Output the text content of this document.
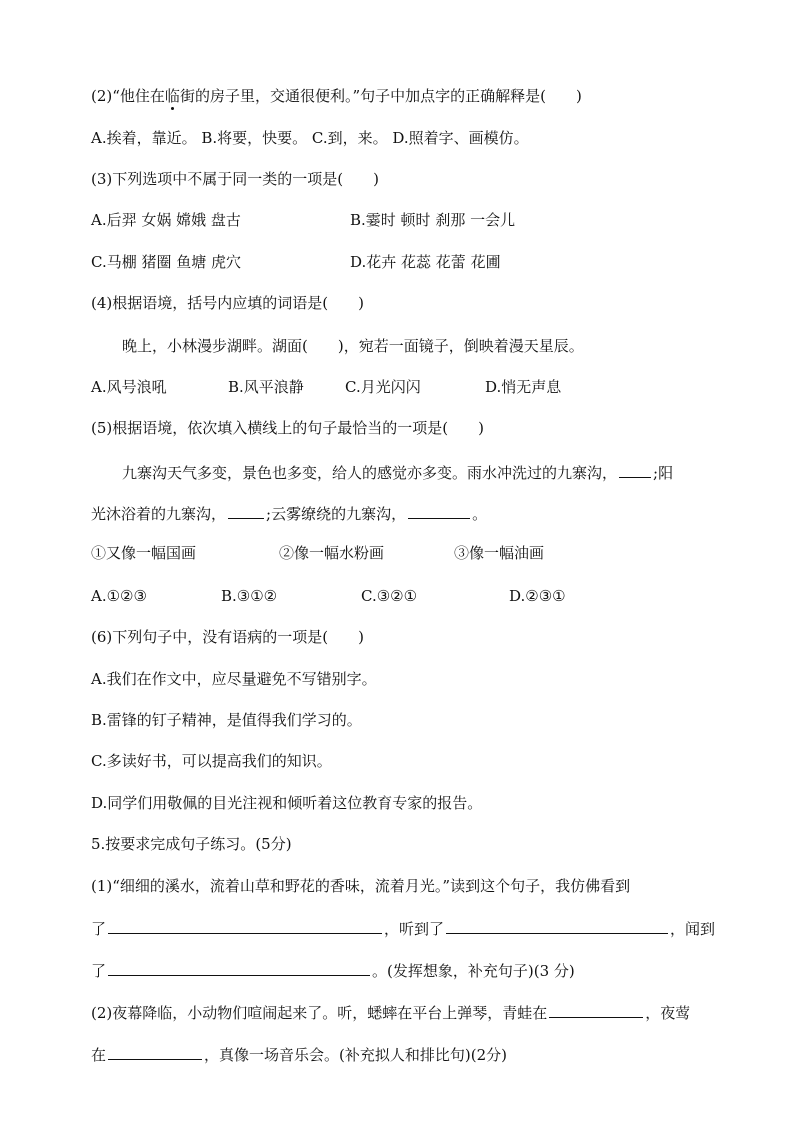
(2)“他住在临街的房子里，交通很便利。”句子中加点字的正确解释是(　　)
A.挨着，靠近。 B.将要，快要。 C.到，来。 D.照着字、画模仿。
(3)下列选项中不属于同一类的一项是(　　)
A.后羿 女娲 嫦娥 盘古	B.霎时 顿时 刹那 一会儿
C.马棚 猪圈 鱼塘 虎穴	D.花卉 花蕊 花蕾 花圃
(4)根据语境，括号内应填的词语是(　　)
晚上，小林漫步湖畔。湖面(　　)，宛若一面镜子，倒映着漫天星辰。
A.风号浪吼	B.风平浪静	C.月光闪闪	D.悄无声息
(5)根据语境，依次填入横线上的句子最恰当的一项是(　　)
九寨沟天气多变，景色也多变，给人的感觉亦多变。雨水冲洗过的九寨沟， ;阳
光沐浴着的九寨沟，	;云雾缭绕的九寨沟，	。
①又像一幅国画	②像一幅水粉画	③像一幅油画
A.①②③	B.③①②	C.③②①	D.②③①
(6)下列句子中，没有语病的一项是(　　)
A.我们在作文中，应尽量避免不写错别字。
B.雷锋的钉子精神，是值得我们学习的。
C.多读好书，可以提高我们的知识。
D.同学们用敬佩的目光注视和倾听着这位教育专家的报告。
5.按要求完成句子练习。(5分)
(1)“细细的溪水，流着山草和野花的香味，流着月光。”读到这个句子，我仿佛看到
了	，听到了	，闻到
了	。(发挥想象，补充句子)(3 分)
(2)夜幕降临，小动物们喧闹起来了。听，蟋蟀在平台上弹琴，青蛙在	，夜莺
在	，真像一场音乐会。(补充拟人和排比句)(2分)
